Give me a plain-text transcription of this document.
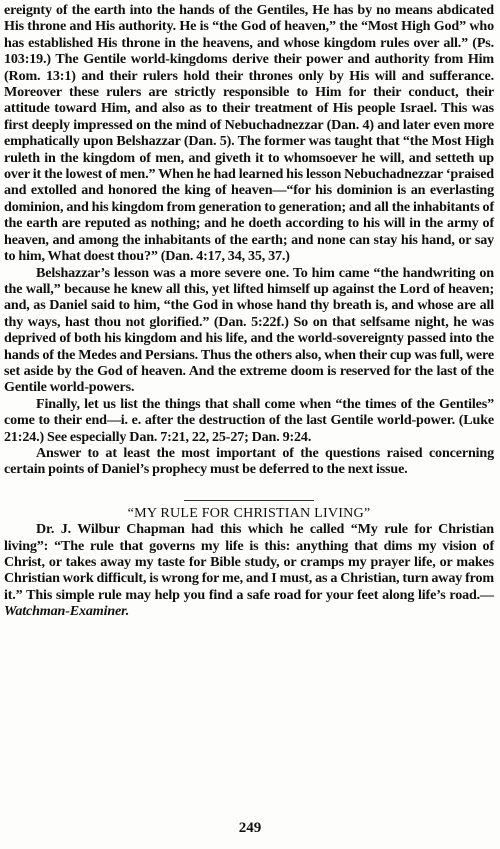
ereignty of the earth into the hands of the Gentiles, He has by no means abdicated His throne and His authority. He is “the God of heaven,” the “Most High God” who has established His throne in the heavens, and whose kingdom rules over all.” (Ps. 103:19.) The Gentile world-kingdoms derive their power and authority from Him (Rom. 13:1) and their rulers hold their thrones only by His will and sufferance. Moreover these rulers are strictly responsible to Him for their conduct, their attitude toward Him, and also as to their treatment of His people Israel. This was first deeply impressed on the mind of Nebuchadnezzar (Dan. 4) and later even more emphatically upon Belshazzar (Dan. 5). The former was taught that “the Most High ruleth in the kingdom of men, and giveth it to whomsoever he will, and setteth up over it the lowest of men.” When he had learned his lesson Nebuchadnezzar ‘praised and extolled and honored the king of heaven—“for his dominion is an everlasting dominion, and his kingdom from generation to generation; and all the inhabitants of the earth are reputed as nothing; and he doeth according to his will in the army of heaven, and among the inhabitants of the earth; and none can stay his hand, or say to him, What doest thou?” (Dan. 4:17, 34, 35, 37.)

Belshazzar’s lesson was a more severe one. To him came “the handwriting on the wall,” because he knew all this, yet lifted himself up against the Lord of heaven; and, as Daniel said to him, “the God in whose hand thy breath is, and whose are all thy ways, hast thou not glorified.” (Dan. 5:22f.) So on that selfsame night, he was deprived of both his kingdom and his life, and the world-sovereignty passed into the hands of the Medes and Persians. Thus the others also, when their cup was full, were set aside by the God of heaven. And the extreme doom is reserved for the last of the Gentile world-powers.

Finally, let us list the things that shall come when “the times of the Gentiles” come to their end—i. e. after the destruction of the last Gentile world-power. (Luke 21:24.) See especially Dan. 7:21, 22, 25-27; Dan. 9:24.

Answer to at least the most important of the questions raised concerning certain points of Daniel’s prophecy must be deferred to the next issue.

“MY RULE FOR CHRISTIAN LIVING”

Dr. J. Wilbur Chapman had this which he called “My rule for Christian living”: “The rule that governs my life is this: anything that dims my vision of Christ, or takes away my taste for Bible study, or cramps my prayer life, or makes Christian work difficult, is wrong for me, and I must, as a Christian, turn away from it.” This simple rule may help you find a safe road for your feet along life’s road.—Watchman-Examiner.

249
